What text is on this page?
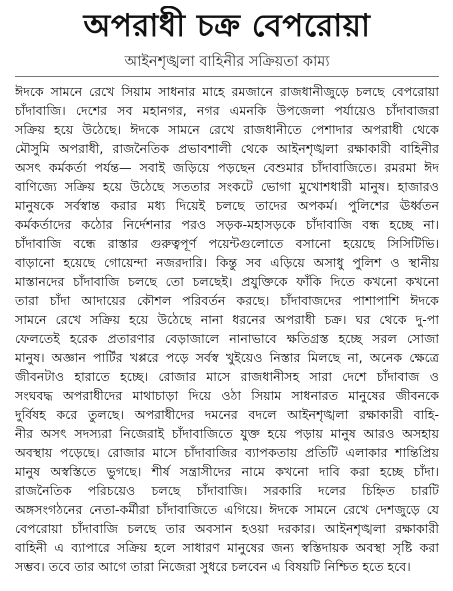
অপরাধী চক্র বেপরোয়া
আইনশৃঙ্খলা বাহিনীর সক্রিয়তা কাম্য
ঈদকে সামনে রেখে সিয়াম সাধনার মাহে রমজানে রাজধানীজুড়ে চলছে বেপরোয়া
চাঁদাবাজি। দেশের সব মহানগর, নগর এমনকি উপজেলা পর্যায়েও চাঁদাবাজরা
সক্রিয় হয়ে উঠেছে। ঈদকে সামনে রেখে রাজধানীতে পেশাদার অপরাধী থেকে
মৌসুমি অপরাধী, রাজনৈতিক প্রভাবশালী থেকে আইনশৃঙ্খলা রক্ষাকারী বাহিনীর
অসৎ কর্মকর্তা পর্যন্ত— সবাই জড়িয়ে পড়ছেন বেশুমার চাঁদাবাজিতে। রমরমা ঈদ
বাণিজ্যে সক্রিয় হয়ে উঠেছে সততার সংকটে ভোগা মুখোশধারী মানুষ। হাজারও
মানুষকে সর্বস্বান্ত করার মধ্য দিয়েই চলছে তাদের অপকর্ম। পুলিশের ঊর্ধ্বতন
কর্মকর্তাদের কঠোর নির্দেশনার পরও সড়ক-মহাসড়কে চাঁদাবাজি বন্ধ হচ্ছে না।
চাঁদাবাজি বন্ধে রাস্তার গুরুত্বপূর্ণ পয়েন্টগুলোতে বসানো হয়েছে সিসিটিভি।
বাড়ানো হয়েছে গোয়েন্দা নজরদারি। কিন্তু সব এড়িয়ে অসাধু পুলিশ ও স্থানীয়
মাস্তানদের চাঁদাবাজি চলছে তো চলছেই। প্রযুক্তিকে ফাঁকি দিতে কখনো কখনো
তারা চাঁদা আদায়ের কৌশল পরিবর্তন করছে। চাঁদাবাজদের পাশাপাশি ঈদকে
সামনে রেখে সক্রিয় হয়ে উঠেছে নানা ধরনের অপরাধী চক্র। ঘর থেকে দু-পা
ফেলতেই হরেক প্রতারণার বেড়াজালে নানাভাবে ক্ষতিগ্রস্ত হচ্ছে সরল সোজা
মানুষ। অজ্ঞান পার্টির খপ্পরে পড়ে সর্বস্ব খুইয়েও নিস্তার মিলছে না, অনেক ক্ষেত্রে
জীবনটাও হারাতে হচ্ছে। রোজার মাসে রাজধানীসহ সারা দেশে চাঁদাবাজ ও
সংঘবদ্ধ অপরাধীদের মাথাচাড়া দিয়ে ওঠা সিয়াম সাধনারত মানুষের জীবনকে
দুর্বিষহ করে তুলছে। অপরাধীদের দমনের বদলে আইনশৃঙ্খলা রক্ষাকারী বাহি-
নীর অসৎ সদস্যরা নিজেরাই চাঁদাবাজিতে যুক্ত হয়ে পড়ায় মানুষ আরও অসহায়
অবস্থায় পড়েছে। রোজার মাসে চাঁদাবাজির ব্যাপকতায় প্রতিটি এলাকার শান্তিপ্রিয়
মানুষ অস্বস্তিতে ভুগছে। শীর্ষ সন্ত্রাসীদের নামে কখনো দাবি করা হচ্ছে চাঁদা।
রাজনৈতিক পরিচয়েও চলছে চাঁদাবাজি। সরকারি দলের চিহ্নিত চারটি
অঙ্গসংগঠনের নেতা-কর্মীরা চাঁদাবাজিতে এগিয়ে। ঈদকে সামনে রেখে দেশজুড়ে যে
বেপরোয়া চাঁদাবাজি চলছে তার অবসান হওয়া দরকার। আইনশৃঙ্খলা রক্ষাকারী
বাহিনী এ ব্যাপারে সক্রিয় হলে সাধারণ মানুষের জন্য স্বস্তিদায়ক অবস্থা সৃষ্টি করা
সম্ভব। তবে তার আগে তারা নিজেরা সুধরে চলবেন এ বিষয়টি নিশ্চিত হতে হবে।
